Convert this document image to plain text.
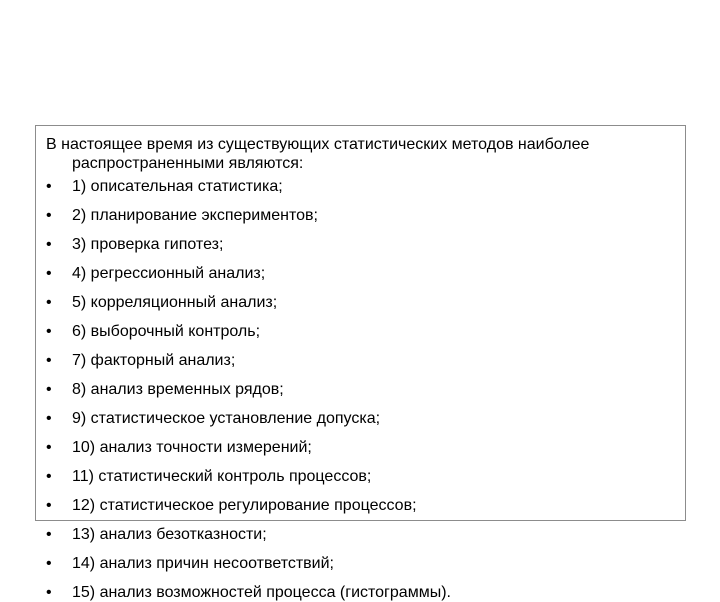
В настоящее время из существующих статистических методов наиболее распространенными являются:

•	1) описательная статистика;
•	2) планирование экспериментов;
•	3) проверка гипотез;
•	4) регрессионный анализ;
•	5) корреляционный анализ;
•	6) выборочный контроль;
•	7) факторный анализ;
•	8) анализ временных рядов;
•	9) статистическое установление допуска;
•	10) анализ точности измерений;
•	11) статистический контроль процессов;
•	12) статистическое регулирование процессов;
•	13) анализ безотказности;
•	14) анализ причин несоответствий;
•	15) анализ возможностей процесса (гистограммы).
